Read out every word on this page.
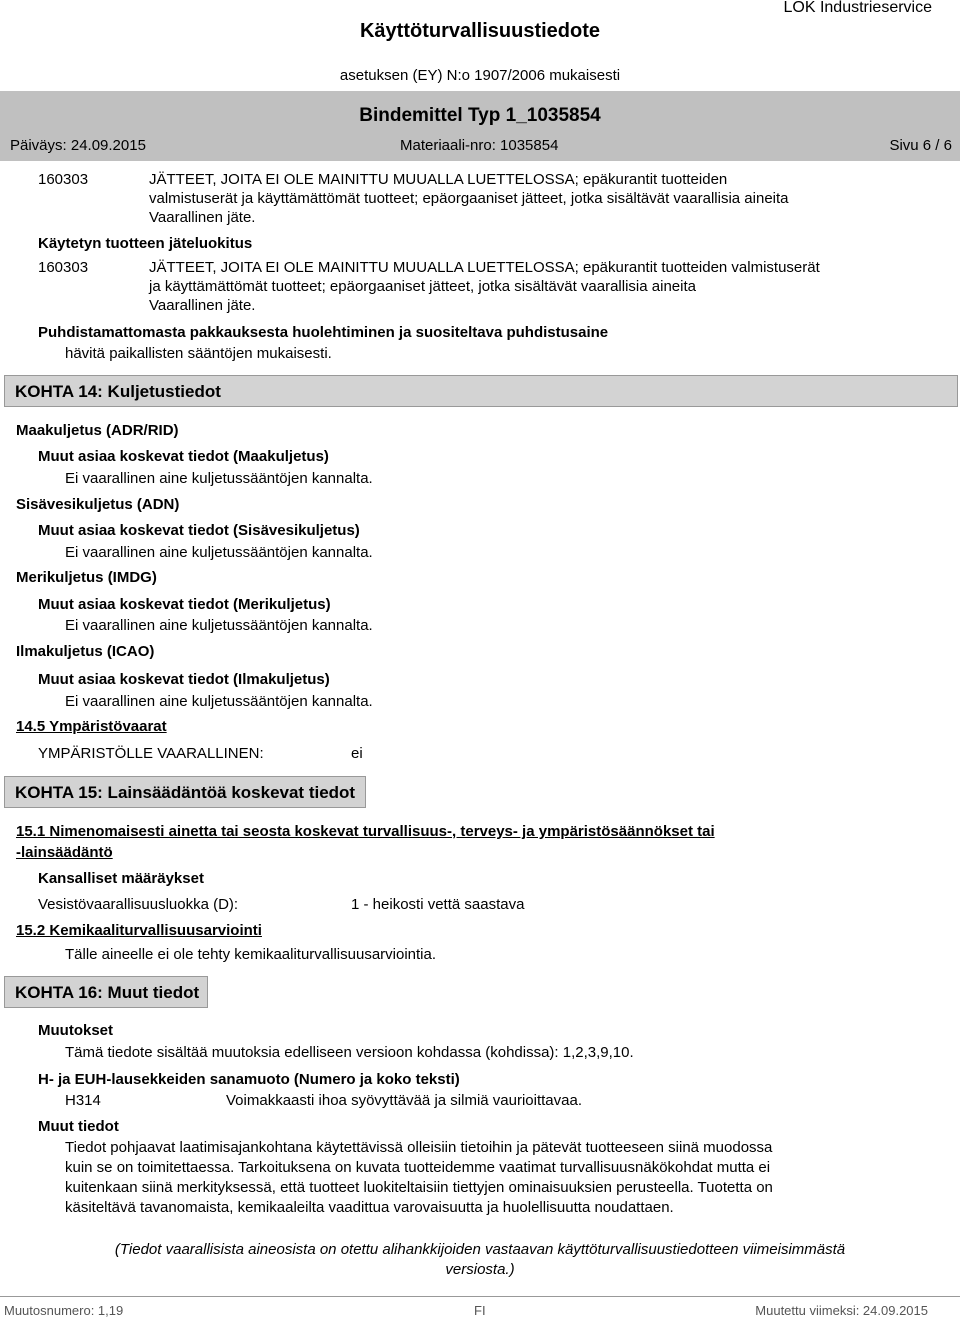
Käyttöturvallisuustiedote
LOK Industrieservice
asetuksen (EY) N:o 1907/2006 mukaisesti
Bindemittel Typ 1_1035854
Päiväys: 24.09.2015	Materiaali-nro: 1035854	Sivu 6 / 6
160303	JÄTTEET, JOITA EI OLE MAINITTU MUUALLA LUETTELOSSA; epäkurantit tuotteiden
valmistuserät ja käyttämättömät tuotteet; epäorgaaniset jätteet, jotka sisältävät vaarallisia aineita
Vaarallinen jäte.
Käytetyn tuotteen jäteluokitus
160303	JÄTTEET, JOITA EI OLE MAINITTU MUUALLA LUETTELOSSA; epäkurantit tuotteiden valmistuserät
ja käyttämättömät tuotteet; epäorgaaniset jätteet, jotka sisältävät vaarallisia aineita
Vaarallinen jäte.
Puhdistamattomasta pakkauksesta huolehtiminen ja suositeltava puhdistusaine
hävitä paikallisten sääntöjen mukaisesti.
KOHTA 14: Kuljetustiedot
Maakuljetus (ADR/RID)
Muut asiaa koskevat tiedot (Maakuljetus)
Ei vaarallinen aine kuljetussääntöjen kannalta.
Sisävesikuljetus (ADN)
Muut asiaa koskevat tiedot (Sisävesikuljetus)
Ei vaarallinen aine kuljetussääntöjen kannalta.
Merikuljetus (IMDG)
Muut asiaa koskevat tiedot (Merikuljetus)
Ei vaarallinen aine kuljetussääntöjen kannalta.
Ilmakuljetus (ICAO)
Muut asiaa koskevat tiedot (Ilmakuljetus)
Ei vaarallinen aine kuljetussääntöjen kannalta.
14.5 Ympäristövaarat
YMPÄRISTÖLLE VAARALLINEN:	ei
KOHTA 15: Lainsäädäntöä koskevat tiedot
15.1 Nimenomaisesti ainetta tai seosta koskevat turvallisuus-, terveys- ja ympäristösäännökset tai
-lainsäädäntö
Kansalliset määräykset
Vesistövaarallisuusluokka (D):	1 - heikosti vettä saastava
15.2 Kemikaaliturvallisuusarviointi
Tälle aineelle ei ole tehty kemikaaliturvallisuusarviointia.
KOHTA 16: Muut tiedot
Muutokset
Tämä tiedote sisältää muutoksia edelliseen versioon kohdassa (kohdissa): 1,2,3,9,10.
H- ja EUH-lausekkeiden sanamuoto (Numero ja koko teksti)
H314	Voimakkaasti ihoa syövyttävää ja silmiä vaurioittavaa.
Muut tiedot
Tiedot pohjaavat laatimisajankohtana käytettävissä olleisiin tietoihin ja pätevät tuotteeseen siinä muodossa
kuin se on toimitettaessa. Tarkoituksena on kuvata tuotteidemme vaatimat turvallisuusnäkökohdat mutta ei
kuitenkaan siinä merkityksessä, että tuotteet luokiteltaisiin tiettyjen ominaisuuksien perusteella. Tuotetta on
käsiteltävä tavanomaista, kemikaaleilta vaadittua varovaisuutta ja huolellisuutta noudattaen.
(Tiedot vaarallisista aineosista on otettu alihankkijoiden vastaavan käyttöturvallisuustiedotteen viimeisimmästä
versiosta.)
Muutosnumero: 1,19	FI	Muutettu viimeksi: 24.09.2015
